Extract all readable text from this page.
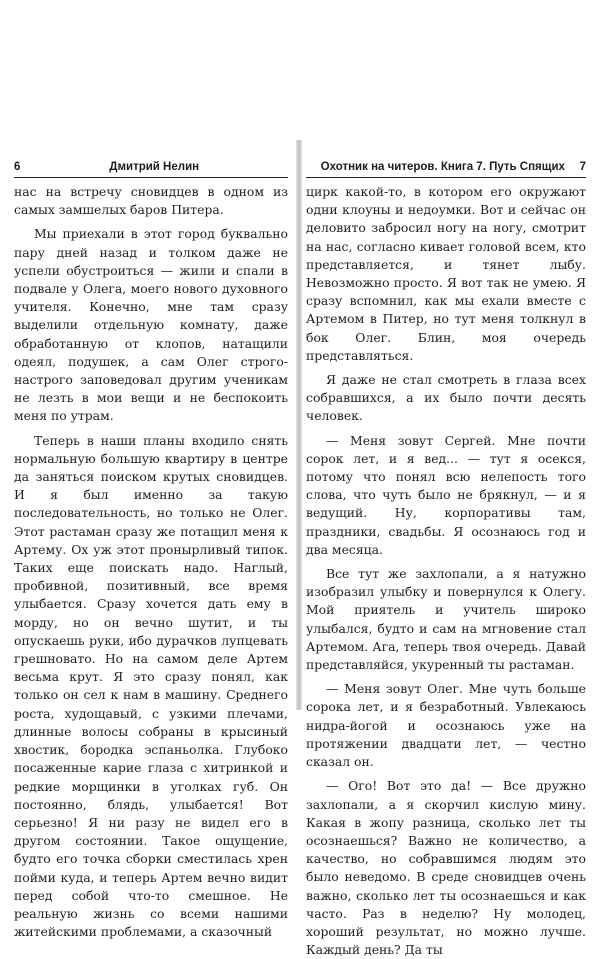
6	Дмитрий Нелин

нас на встречу сновидцев в одном из самых замшелых баров Питера.

Мы приехали в этот город буквально пару дней назад и толком даже не успели обустроиться — жили и спали в подвале у Олега, моего нового духовного учителя. Конечно, мне там сразу выделили отдельную комнату, даже обработанную от клопов, натащили одеял, подушек, а сам Олег строго-настрого заповедовал другим ученикам не лезть в мои вещи и не беспокоить меня по утрам.

Теперь в наши планы входило снять нормальную большую квартиру в центре да заняться поиском крутых сновидцев. И я был именно за такую последовательность, но только не Олег. Этот растаман сразу же потащил меня к Артему. Ох уж этот пронырливый типок. Таких еще поискать надо. Наглый, пробивной, позитивный, все время улыбается. Сразу хочется дать ему в морду, но он вечно шутит, и ты опускаешь руки, ибо дурачков лупцевать грешновато. Но на самом деле Артем весьма крут. Я это сразу понял, как только он сел к нам в машину. Среднего роста, худощавый, с узкими плечами, длинные волосы собраны в крысиный хвостик, бородка эспаньолка. Глубоко посаженные карие глаза с хитринкой и редкие морщинки в уголках губ. Он постоянно, блядь, улыбается! Вот серьезно! Я ни разу не видел его в другом состоянии. Такое ощущение, будто его точка сборки сместилась хрен пойми куда, и теперь Артем вечно видит перед собой что-то смешное. Не реальную жизнь со всеми нашими житейскими проблемами, а сказочный

Охотник на читеров. Книга 7. Путь Спящих	7

цирк какой-то, в котором его окружают одни клоуны и недоумки. Вот и сейчас он деловито забросил ногу на ногу, смотрит на нас, согласно кивает головой всем, кто представляется, и тянет лыбу. Невозможно просто. Я вот так не умею. Я сразу вспомнил, как мы ехали вместе с Артемом в Питер, но тут меня толкнул в бок Олег. Блин, моя очередь представляться.

Я даже не стал смотреть в глаза всех собравшихся, а их было почти десять человек.

— Меня зовут Сергей. Мне почти сорок лет, и я вед... — тут я осекся, потому что понял всю нелепость того слова, что чуть было не брякнул, — и я ведущий. Ну, корпоративы там, праздники, свадьбы. Я осознаюсь год и два месяца.

Все тут же захлопали, а я натужно изобразил улыбку и повернулся к Олегу. Мой приятель и учитель широко улыбался, будто и сам на мгновение стал Артемом. Ага, теперь твоя очередь. Давай представляйся, укуренный ты растаман.

— Меня зовут Олег. Мне чуть больше сорока лет, и я безработный. Увлекаюсь нидра-йогой и осознаюсь уже на протяжении двадцати лет, — честно сказал он.

— Ого! Вот это да! — Все дружно захлопали, а я скорчил кислую мину. Какая в жопу разница, сколько лет ты осознаешься? Важно не количество, а качество, но собравшимся людям это было неведомо. В среде сновидцев очень важно, сколько лет ты осознаешься и как часто. Раз в неделю? Ну молодец, хороший результат, но можно лучше. Каждый день? Да ты
